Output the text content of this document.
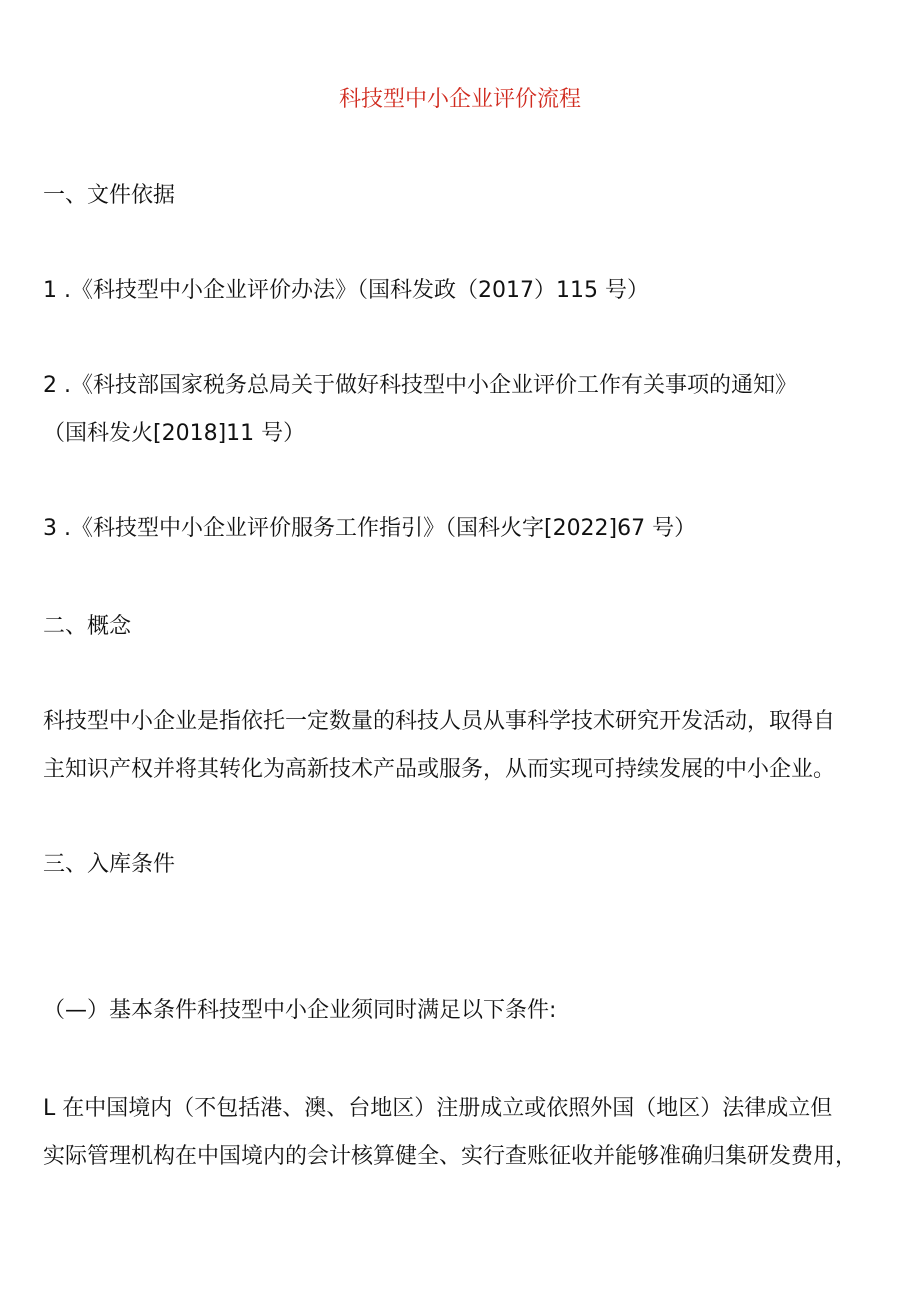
科技型中小企业评价流程

一、文件依据

1 .《科技型中小企业评价办法》（国科发政（2017）115 号）

2 .《科技部国家税务总局关于做好科技型中小企业评价工作有关事项的通知》

（国科发火[2018]11 号）

3 .《科技型中小企业评价服务工作指引》（国科火字[2022]67 号）

二、概念

科技型中小企业是指依托一定数量的科技人员从事科学技术研究开发活动，取得自

主知识产权并将其转化为高新技术产品或服务，从而实现可持续发展的中小企业。

三、入库条件

（—）基本条件科技型中小企业须同时满足以下条件:

L 在中国境内（不包括港、澳、台地区）注册成立或依照外国（地区）法律成立但

实际管理机构在中国境内的会计核算健全、实行查账征收并能够准确归集研发费用，
